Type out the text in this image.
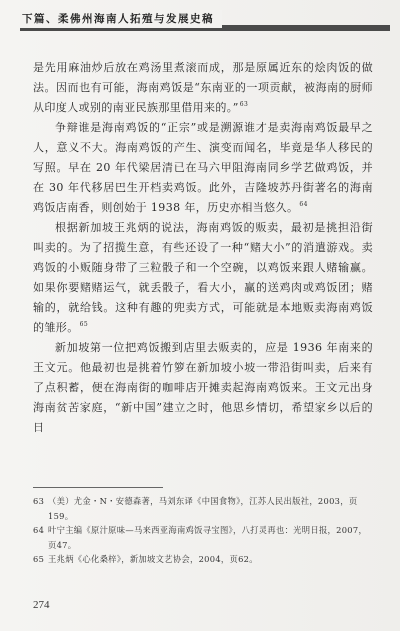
下篇、柔佛州海南人拓殖与发展史稿

是先用麻油炒后放在鸡汤里煮滚而成，那是原属近东的烩肉饭的做法。因而也有可能，海南鸡饭是“东南亚的一项贡献，被海南的厨师从印度人或别的南亚民族那里借用来的。”$^{63}$

争辩谁是海南鸡饭的“正宗”或是溯源谁才是卖海南鸡饭最早之人，意义不大。海南鸡饭的产生、演变而闻名，毕竟是华人移民的写照。早在 20 年代梁居清已在马六甲阻海南同乡学艺做鸡饭，并在 30 年代移居巴生开档卖鸡饭。此外，吉隆坡苏丹街著名的海南鸡饭店南香，则创始于 1938 年，历史亦相当悠久。$^{64}$

根据新加坡王兆炳的说法，海南鸡饭的贩卖，最初是挑担沿街叫卖的。为了招揽生意，有些还设了一种“赌大小”的消遣游戏。卖鸡饭的小贩随身带了三粒骰子和一个空碗，以鸡饭来跟人赌输赢。如果你要赌赌运气，就丢骰子，看大小，赢的送鸡肉或鸡饭团；赌输的，就给钱。这种有趣的兜卖方式，可能就是本地贩卖海南鸡饭的雏形。$^{65}$

新加坡第一位把鸡饭搬到店里去贩卖的，应是 1936 年南来的王文元。他最初也是挑着竹箩在新加坡小坡一带沿街叫卖，后来有了点积蓄，便在海南街的咖啡店开摊卖起海南鸡饭来。王文元出身海南贫苦家庭，“新中国”建立之时，他思乡情切，希望家乡以后的日

63 （美）尤金・N・安德森著，马刘东译《中国食物》，江苏人民出版社，2003，页159。

64 叶宁主编《原汁原味—马来西亚海南鸡饭寻宝图》，八打灵再也：光明日报，2007，页47。

65 王兆炳《心化桑梓》，新加坡文艺协会，2004，页62。

274
